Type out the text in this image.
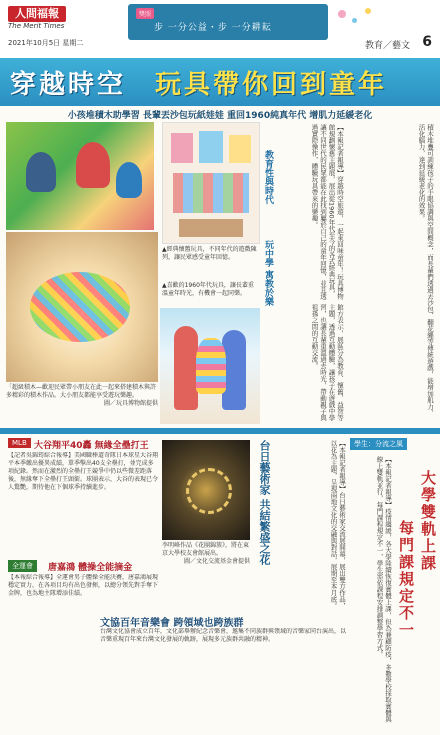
人間福報
The Merit Times
2021年10月5日 星期二
獎照
步 一分公益・步 一分耕耘
教育／藝文 6
穿越時空　 玩具帶你回到童年
小孩堆積木助學習 長輩丟沙包玩紙娃娃 重回1960純真年代 增肌力延緩老化
「超級積木—歡迎民眾帶小朋友在此一起來搭建積木與許多精彩的積木作品。大小朋友都能享受遊玩樂趣。
圖／玩具博物館提供
▲經典懷舊玩具，不同年代的遊戲陳列，讓民眾感受童年回憶。
▲喜歡的1960年代玩具，讓長輩重溫童年時光，有機會一起同樂。
教育性與時代	【本報記者報導】穿越時空旅遊，一起來回味童年！玩具博物館規劃懷舊主題展，展出從1960年代至今的各式經典玩具，讓不同世代的民眾都能在此找到屬於自己的童年回憶，並且透過實際操作，體驗玩具帶來的樂趣。
玩中學 寓教於樂
館方表示，展區分為教育、懷舊、益智等主題，透過互動體驗，讓孩子在遊戲中學習，也讓長輩重溫過去時光，帶動親子與祖孫之間的互動交流。	積木堆疊可訓練孩子的手眼協調與空間概念，而長輩們透過丟沙包、翻花繩等傳統遊戲，能增加肌力、活化腦力，達到延緩老化的效果。
MLB 大谷翔平40轟 無緣全壘打王
【記者吳錦筠綜合報導】美國職棒道奇隊日本球星大谷翔平本季繳出優異成績，單季擊出40支全壘打，並完成多項紀錄。然而在激烈的全壘打王競爭中仍以些微差距落後，無緣奪下全壘打王頭銜。球團表示，大谷的表現已令人驚艷，期待他在下個球季持續進步。
全運會	唐嘉鴻 體操全能摘金
【本報綜合報導】全運會男子體操全能決賽，唐嘉鴻展現穩定實力，在各項目均有出色發揮，以總分領先對手奪下金牌，也為地主隊增添佳績。
李明峰作品《花團錦簇》，將在東京大學校友會館展出。
圖／文化交流基金會提供 台日藝術家 共結繁盛之花	【本報記者報導】台日藝術家交流展開幕，展出雙方作品，以花為主題，呈現兩地文化的交融與對話，展期至本月底。
文協百年音樂會 跨領域也跨族群
台灣文化協會成立百年，文化部舉辦紀念音樂會，邀集不同族群與領域的音樂家同台演出，以音樂重現百年來台灣文化發展的軌跡，展現多元族群共融的精神。
學生：分流之風
大學雙軌上課
每門課規定不一
【本報記者報導】疫情趨緩，各大學陸續恢復實體上課，但為兼顧防疫，多數學校採取實體與線上雙軌並行，每門課程規定不一，學生需依課程安排調整學習方式。
